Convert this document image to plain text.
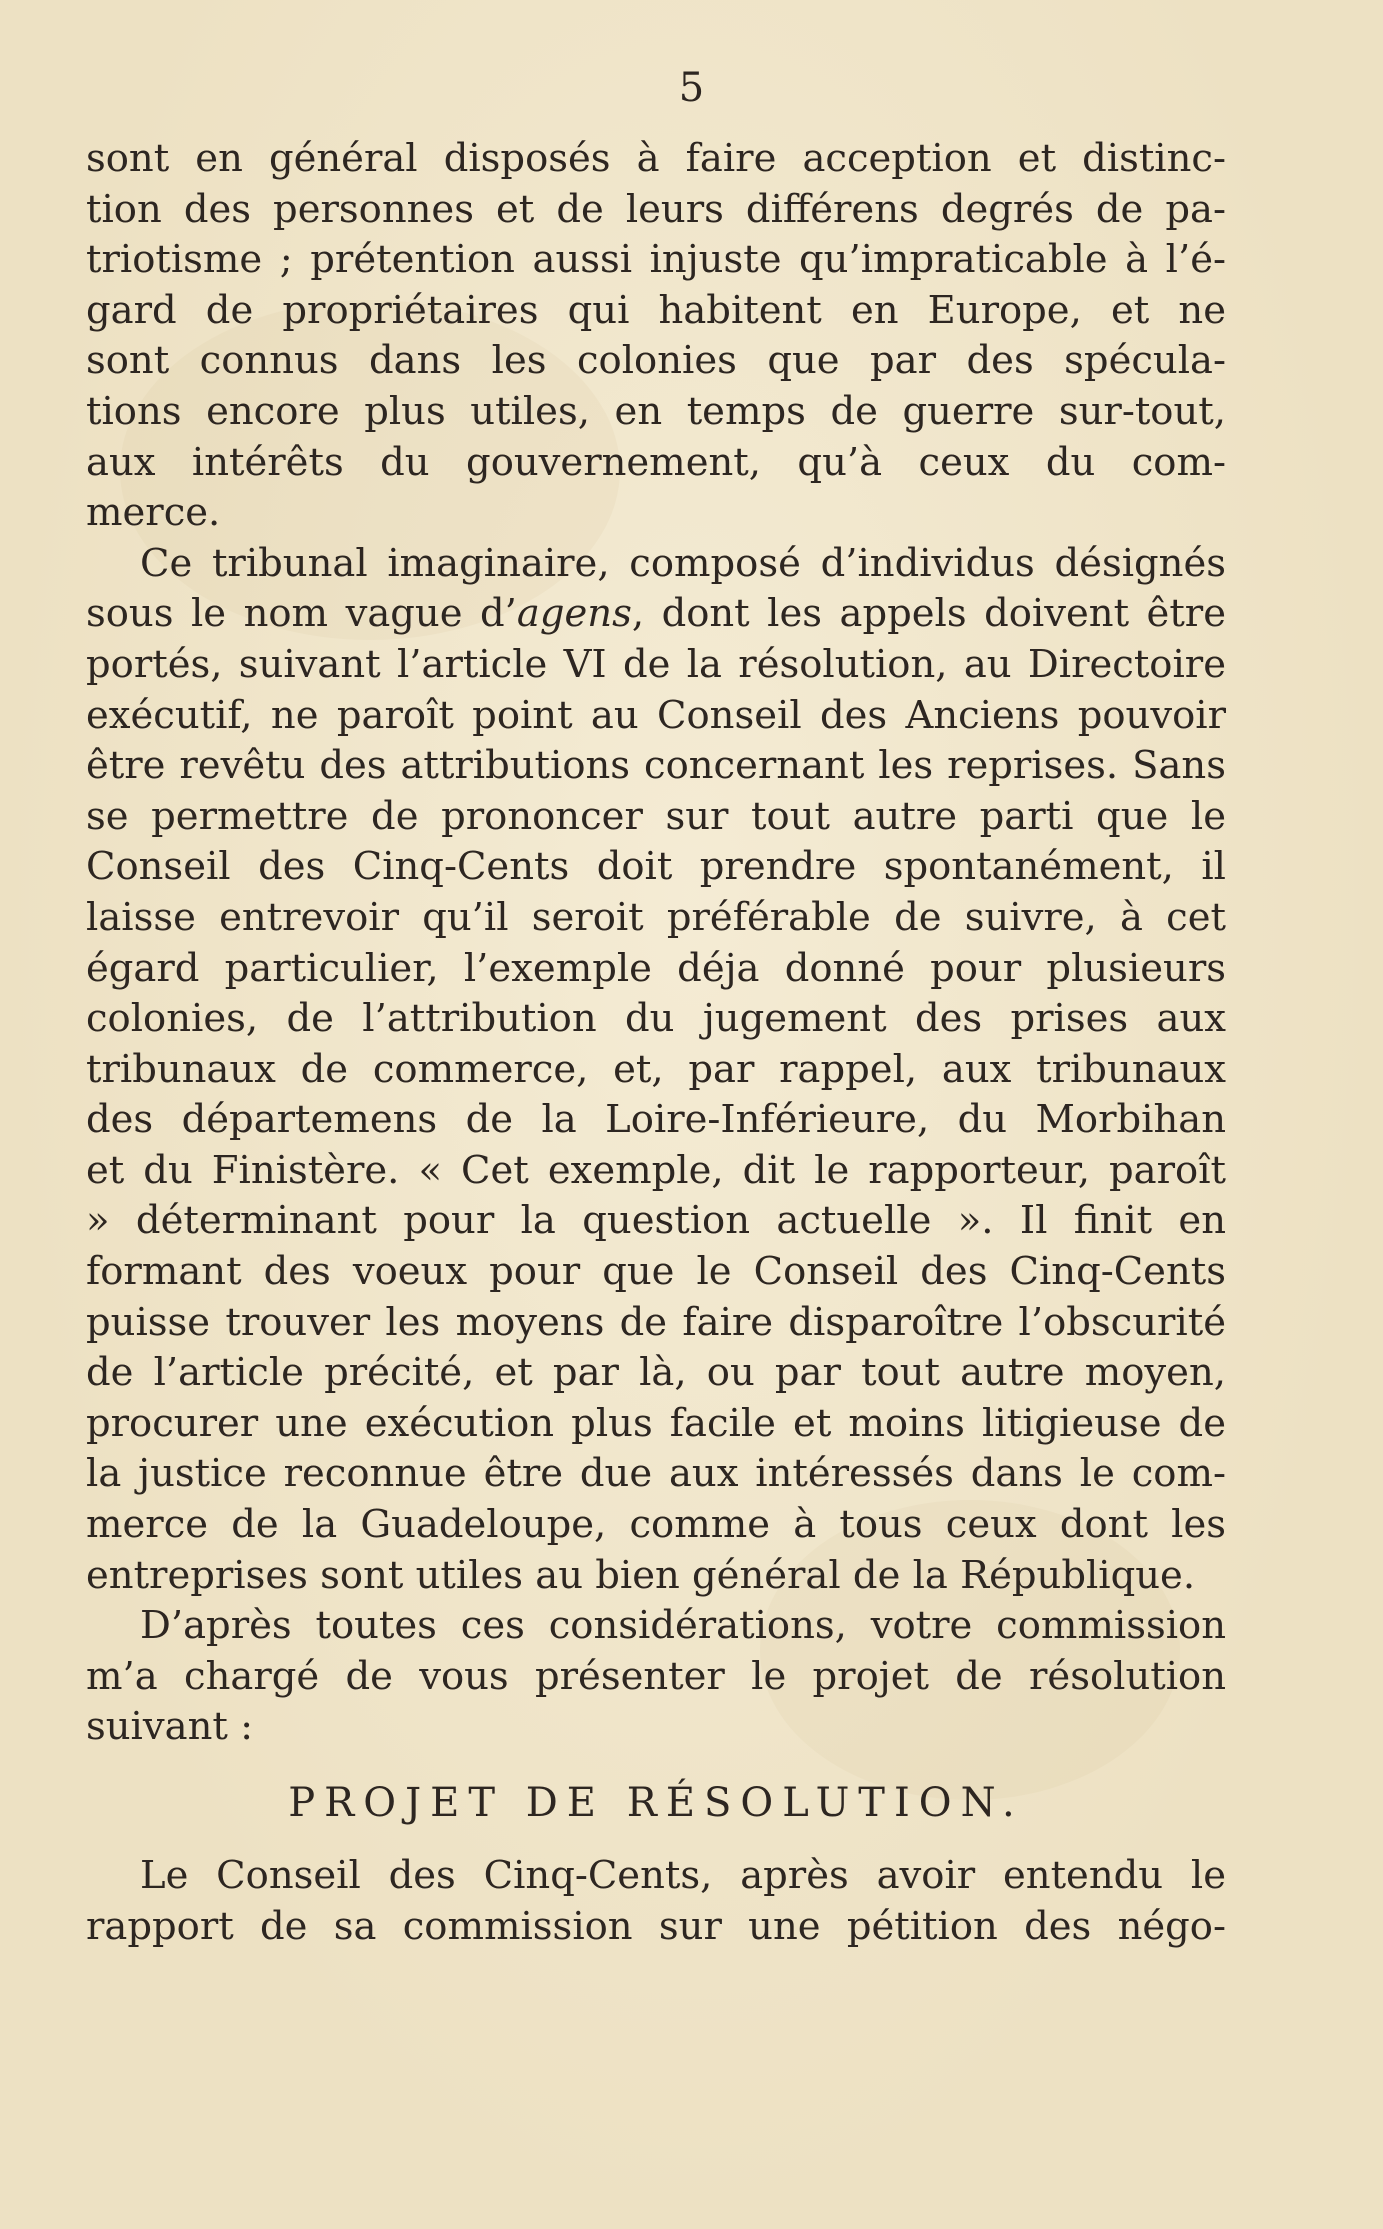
5
sont en général disposés à faire acception et distinc-
tion des personnes et de leurs différens degrés de pa-
triotisme ; prétention aussi injuste qu’impraticable à l’é-
gard de propriétaires qui habitent en Europe, et ne
sont connus dans les colonies que par des spécula-
tions encore plus utiles, en temps de guerre sur-tout,
aux intérêts du gouvernement, qu’à ceux du com-
merce.
Ce tribunal imaginaire, composé d’individus désignés
sous le nom vague d’agens, dont les appels doivent être
portés, suivant l’article VI de la résolution, au Directoire
exécutif, ne paroît point au Conseil des Anciens pouvoir
être revêtu des attributions concernant les reprises. Sans
se permettre de prononcer sur tout autre parti que le
Conseil des Cinq-Cents doit prendre spontanément, il
laisse entrevoir qu’il seroit préférable de suivre, à cet
égard particulier, l’exemple déja donné pour plusieurs
colonies, de l’attribution du jugement des prises aux
tribunaux de commerce, et, par rappel, aux tribunaux
des départemens de la Loire-Inférieure, du Morbihan
et du Finistère. « Cet exemple, dit le rapporteur, paroît
» déterminant pour la question actuelle ». Il finit en
formant des voeux pour que le Conseil des Cinq-Cents
puisse trouver les moyens de faire disparoître l’obscurité
de l’article précité, et par là, ou par tout autre moyen,
procurer une exécution plus facile et moins litigieuse de
la justice reconnue être due aux intéressés dans le com-
merce de la Guadeloupe, comme à tous ceux dont les
entreprises sont utiles au bien général de la République.
D’après toutes ces considérations, votre commission
m’a chargé de vous présenter le projet de résolution
suivant :
PROJET DE RÉSOLUTION.
Le Conseil des Cinq-Cents, après avoir entendu le
rapport de sa commission sur une pétition des négo-
